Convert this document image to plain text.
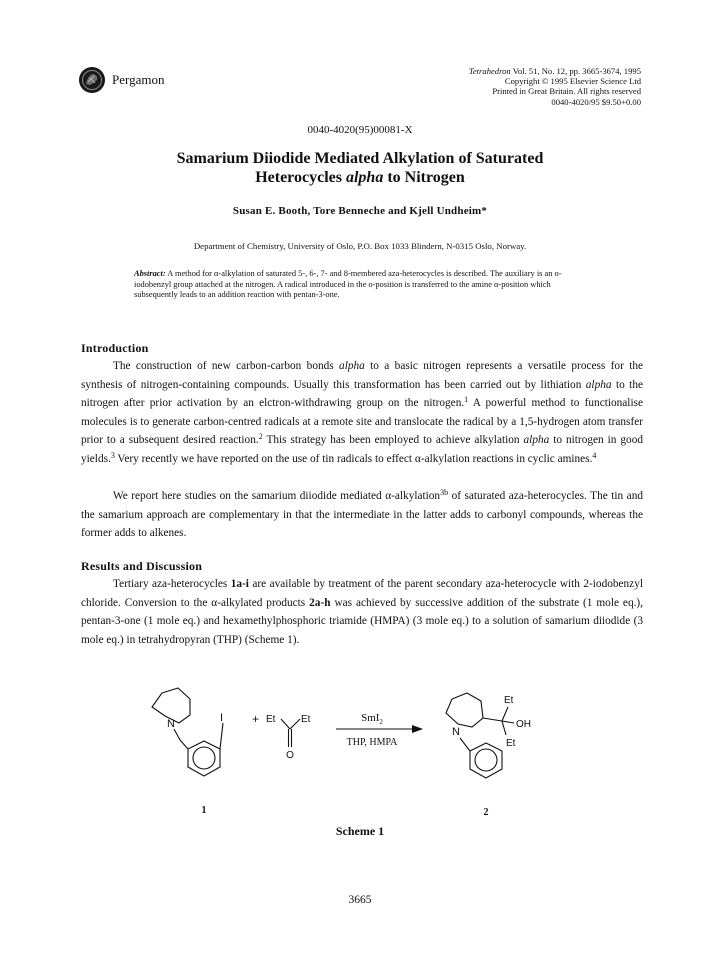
Pergamon
Tetrahedron Vol. 51, No. 12, pp. 3665-3674, 1995
Copyright © 1995 Elsevier Science Ltd
Printed in Great Britain. All rights reserved
0040-4020/95 $9.50+0.00
0040-4020(95)00081-X
Samarium Diiodide Mediated Alkylation of Saturated
Heterocycles alpha to Nitrogen
Susan E. Booth, Tore Benneche and Kjell Undheim*
Department of Chemistry, University of Oslo, P.O. Box 1033 Blindern, N-0315 Oslo, Norway.
Abstract: A method for α-alkylation of saturated 5-, 6-, 7- and 8-membered aza-heterocycles is described. The auxiliary is an o-iodobenzyl group attached at the nitrogen. A radical introduced in the o-position is transferred to the amine α-position which subsequently leads to an addition reaction with pentan-3-one.
Introduction

The construction of new carbon-carbon bonds alpha to a basic nitrogen represents a versatile process for the synthesis of nitrogen-containing compounds. Usually this transformation has been carried out by lithiation alpha to the nitrogen after prior activation by an elctron-withdrawing group on the nitrogen.$^1$ A powerful method to functionalise molecules is to generate carbon-centred radicals at a remote site and translocate the radical by a 1,5-hydrogen atom transfer prior to a subsequent desired reaction.$^2$ This strategy has been employed to achieve alkylation alpha to nitrogen in good yields.$^3$ Very recently we have reported on the use of tin radicals to effect α-alkylation reactions in cyclic amines.$^4$

We report here studies on the samarium diiodide mediated α-alkylation$^{3b}$ of saturated aza-heterocycles. The tin and the samarium approach are complementary in that the intermediate in the latter adds to carbonyl compounds, whereas the former adds to alkenes.

Results and Discussion

Tertiary aza-heterocycles 1a-i are available by treatment of the parent secondary aza-heterocycle with 2-iodobenzyl chloride. Conversion to the α-alkylated products 2a-h was achieved by successive addition of the substrate (1 mole eq.), pentan-3-one (1 mole eq.) and hexamethylphosphoric triamide (HMPA) (3 mole eq.) to a solution of samarium diiodide (3 mole eq.) in tetrahydropyran (THP) (Scheme 1).

N	I
1
+ Et	Et
O
SmI$_2$
THP, HMPA
N
Et
OH
Et
2
Scheme 1
3665
